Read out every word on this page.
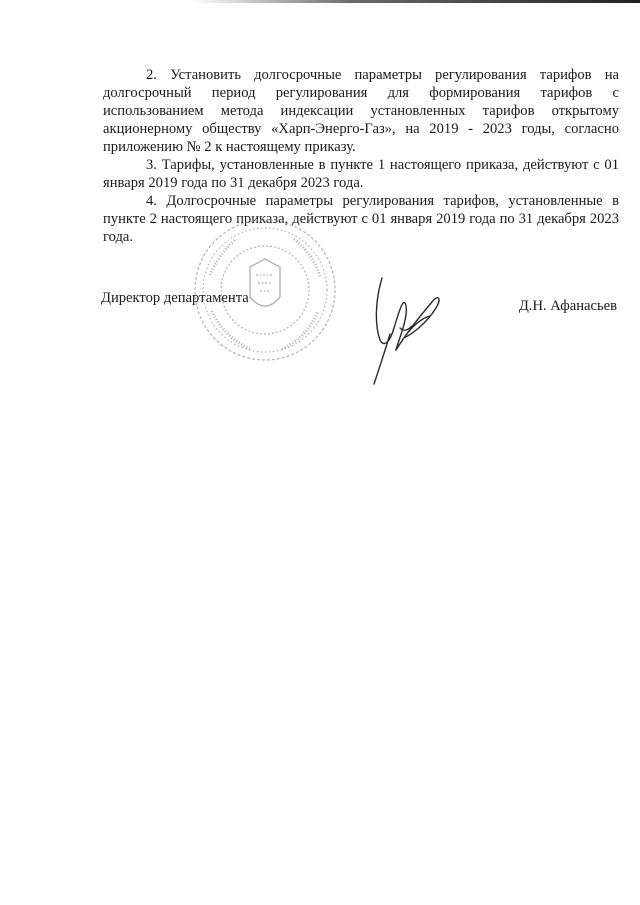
2. Установить долгосрочные параметры регулирования тарифов на долгосрочный период регулирования для формирования тарифов с использованием метода индексации установленных тарифов открытому акционерному обществу «Харп-Энерго-Газ», на 2019 - 2023 годы, согласно приложению № 2 к настоящему приказу.

3. Тарифы, установленные в пункте 1 настоящего приказа, действуют с 01 января 2019 года по 31 декабря 2023 года.

4. Долгосрочные параметры регулирования тарифов, установленные в пункте 2 настоящего приказа, действуют с 01 января 2019 года по 31 декабря 2023 года.

Директор департамента	Д.Н. Афанасьев
